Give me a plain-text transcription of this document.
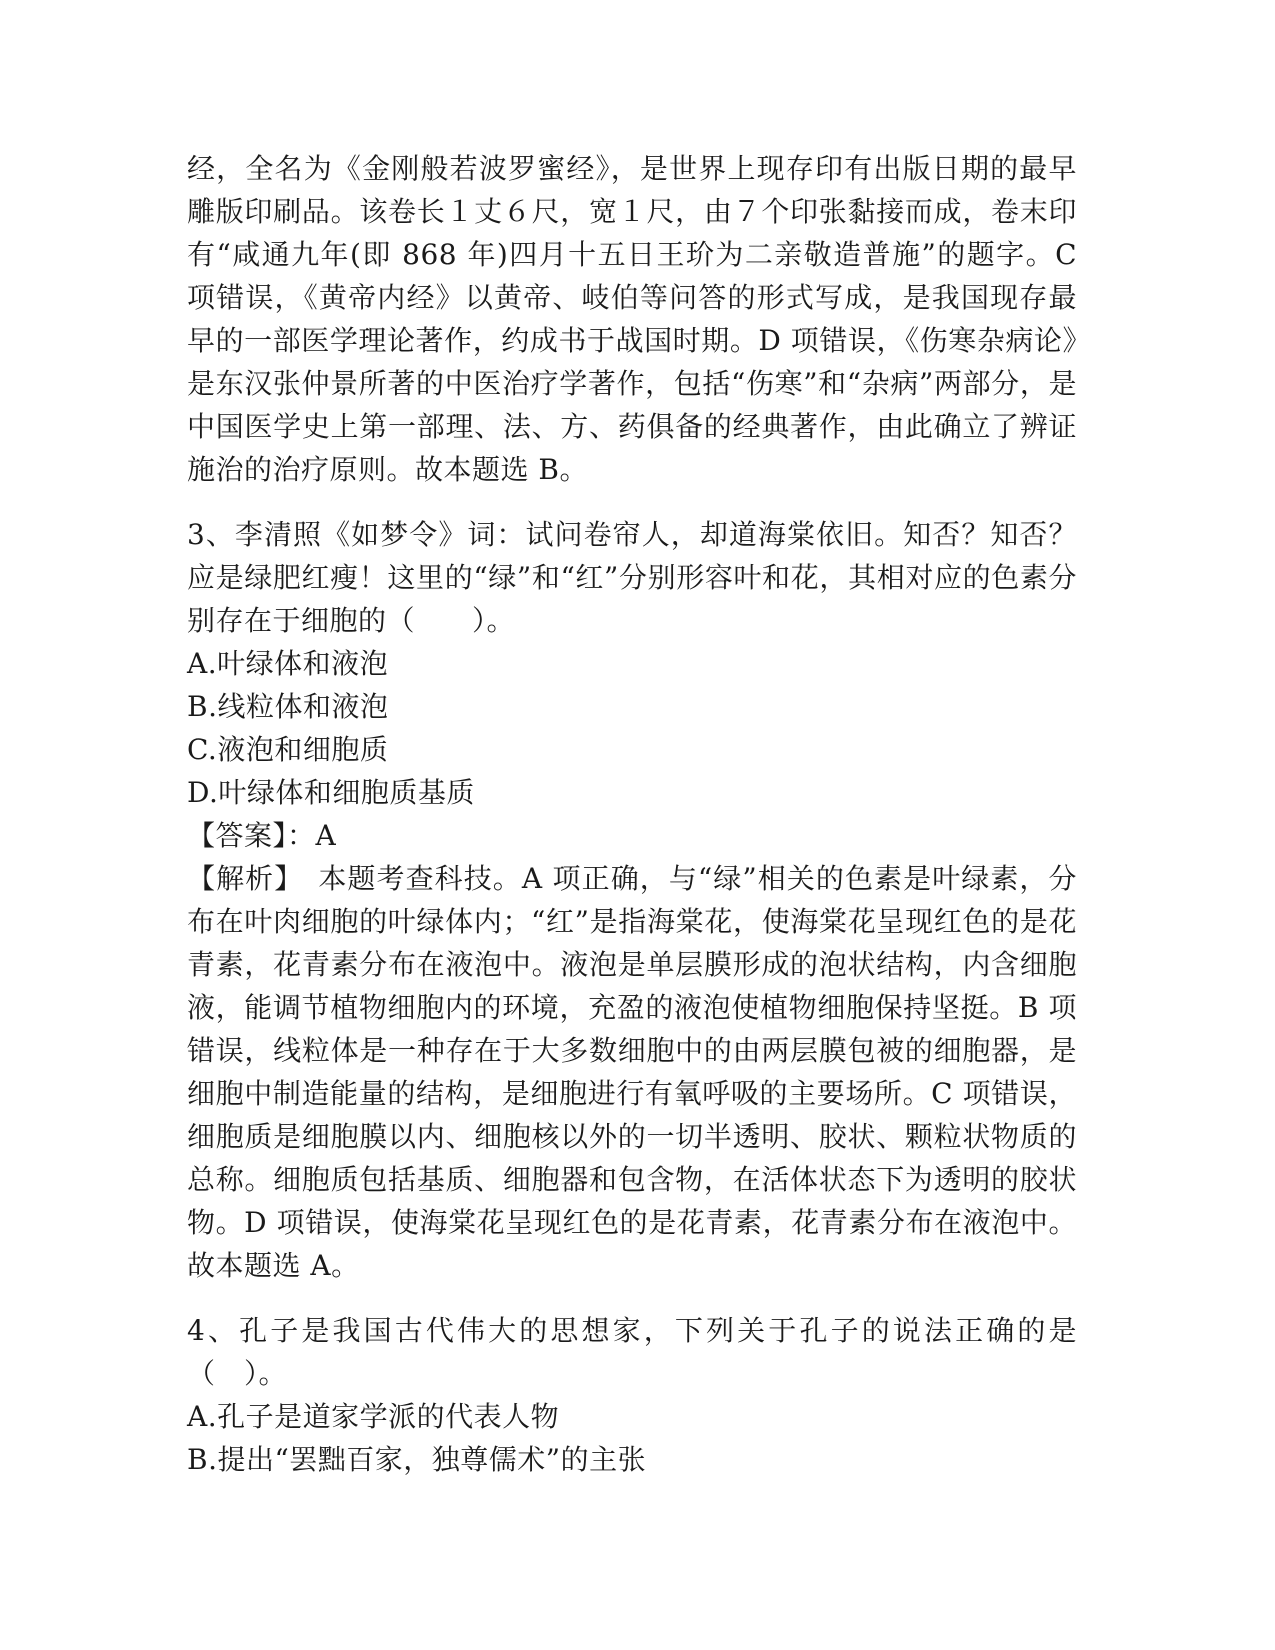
经，全名为《金刚般若波罗蜜经》，是世界上现存印有出版日期的最早雕版印刷品。该卷长１丈６尺，宽１尺，由７个印张黏接而成，卷末印有“咸通九年(即 868 年)四月十五日王玠为二亲敬造普施”的题字。C 项错误，《黄帝内经》以黄帝、岐伯等问答的形式写成，是我国现存最早的一部医学理论著作，约成书于战国时期。D 项错误，《伤寒杂病论》是东汉张仲景所著的中医治疗学著作，包括“伤寒”和“杂病”两部分，是中国医学史上第一部理、法、方、药俱备的经典著作，由此确立了辨证施治的治疗原则。故本题选 B。

3、李清照《如梦令》词：试问卷帘人，却道海棠依旧。知否？知否？应是绿肥红瘦！这里的“绿”和“红”分别形容叶和花，其相对应的色素分别存在于细胞的（　　）。

A.叶绿体和液泡

B.线粒体和液泡

C.液泡和细胞质

D.叶绿体和细胞质基质

【答案】：A

【解析】　本题考查科技。A 项正确，与“绿”相关的色素是叶绿素，分布在叶肉细胞的叶绿体内；“红”是指海棠花，使海棠花呈现红色的是花青素，花青素分布在液泡中。液泡是单层膜形成的泡状结构，内含细胞液，能调节植物细胞内的环境，充盈的液泡使植物细胞保持坚挺。B 项错误，线粒体是一种存在于大多数细胞中的由两层膜包被的细胞器，是细胞中制造能量的结构，是细胞进行有氧呼吸的主要场所。C 项错误，细胞质是细胞膜以内、细胞核以外的一切半透明、胶状、颗粒状物质的总称。细胞质包括基质、细胞器和包含物，在活体状态下为透明的胶状物。D 项错误，使海棠花呈现红色的是花青素，花青素分布在液泡中。故本题选 A。

4、孔子是我国古代伟大的思想家，下列关于孔子的说法正确的是（　）。

A.孔子是道家学派的代表人物

B.提出“罢黜百家，独尊儒术”的主张
